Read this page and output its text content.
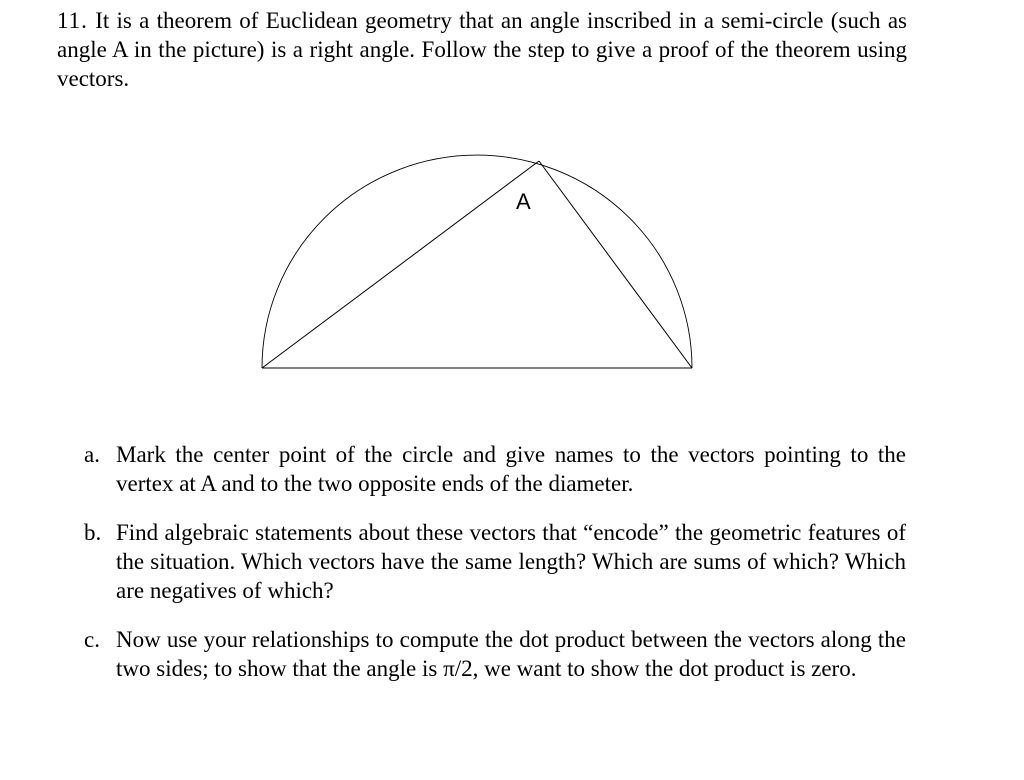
11. It is a theorem of Euclidean geometry that an angle inscribed in a semi-circle (such as angle A in the picture) is a right angle. Follow the step to give a proof of the theorem using vectors.

A
a. Mark the center point of the circle and give names to the vectors pointing to the vertex at A and to the two opposite ends of the diameter.
b. Find algebraic statements about these vectors that “encode” the geometric features of the situation. Which vectors have the same length? Which are sums of which? Which are negatives of which?
c. Now use your relationships to compute the dot product between the vectors along the two sides; to show that the angle is π/2, we want to show the dot product is zero.
